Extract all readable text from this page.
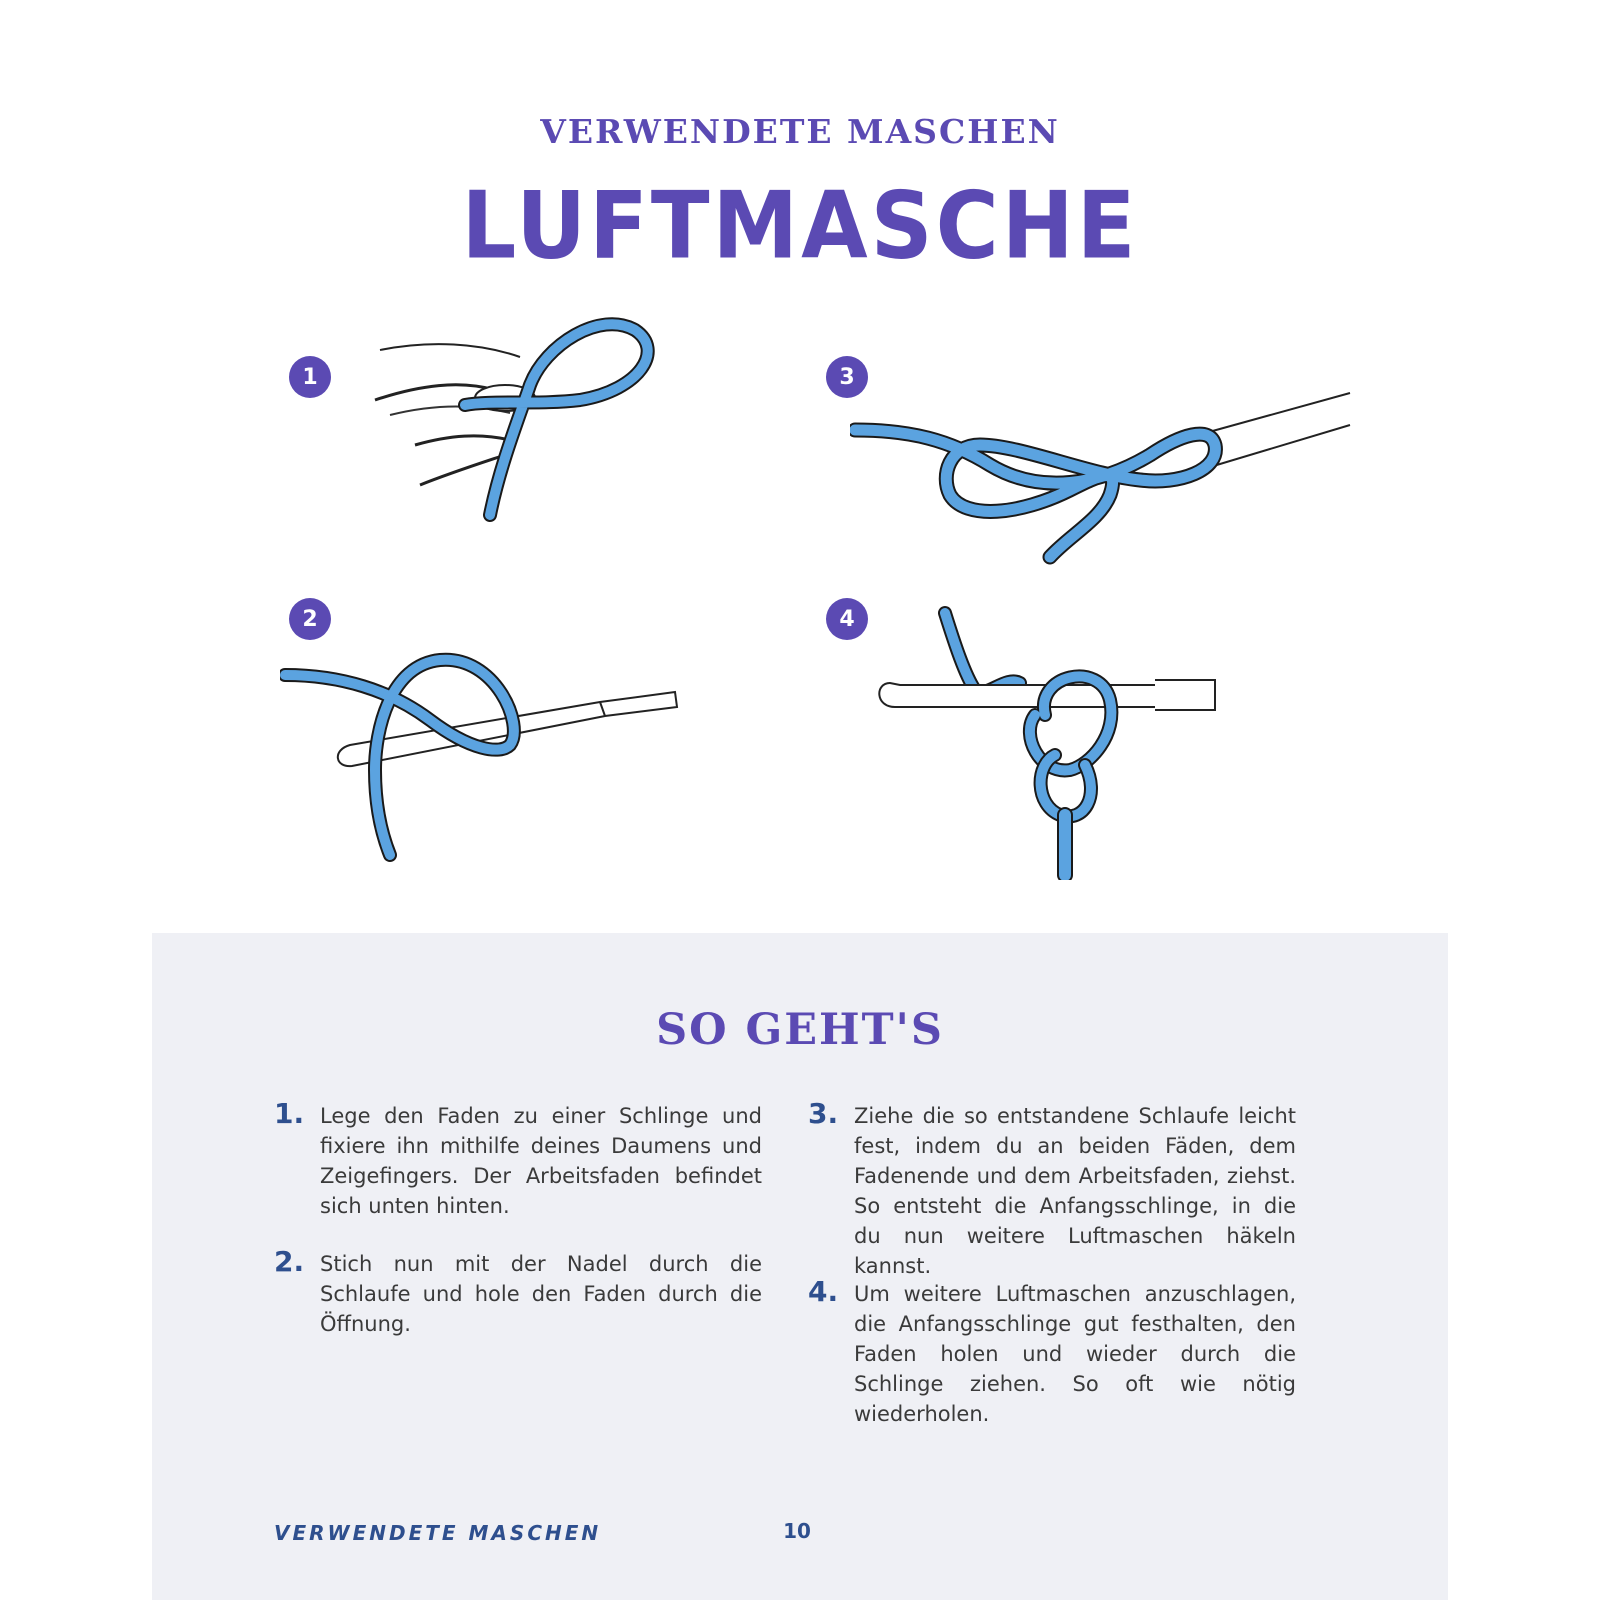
VERWENDETE MASCHEN
LUFTMASCHE
1
2
3
4
SO GEHT'S
1. Lege den Faden zu einer Schlinge und fixiere ihn mithilfe deines Daumens und Zeigefingers. Der Arbeitsfaden befindet sich unten hinten.
2. Stich nun mit der Nadel durch die Schlaufe und hole den Faden durch die Öffnung.
3. Ziehe die so entstandene Schlaufe leicht fest, indem du an beiden Fäden, dem Fadenende und dem Arbeitsfaden, ziehst. So entsteht die Anfangsschlinge, in die du nun weitere Luftmaschen häkeln kannst.
4. Um weitere Luftmaschen anzuschlagen, die Anfangsschlinge gut festhalten, den Faden holen und wieder durch die Schlinge ziehen. So oft wie nötig wiederholen.
VERWENDETE MASCHEN	10
